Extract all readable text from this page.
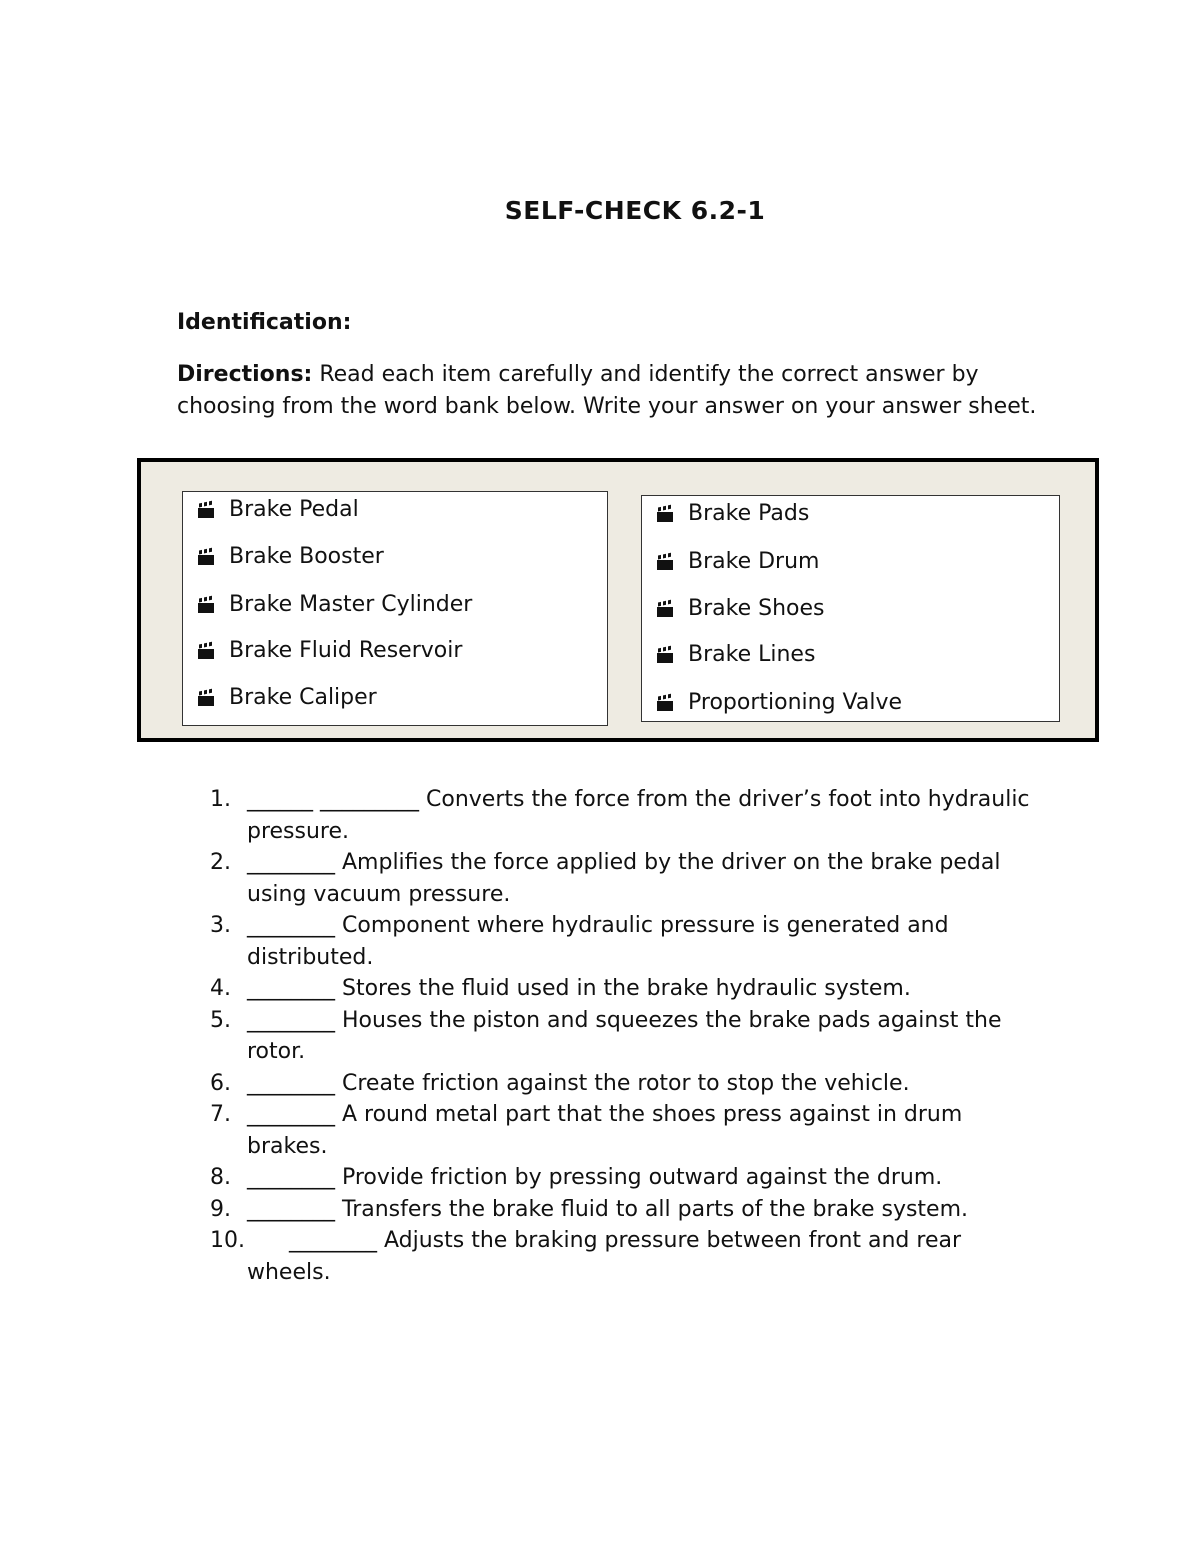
SELF-CHECK 6.2-1
Identification:
Directions: Read each item carefully and identify the correct answer by choosing from the word bank below. Write your answer on your answer sheet.
Brake Pedal
Brake Booster
Brake Master Cylinder
Brake Fluid Reservoir
Brake Caliper
Brake Pads
Brake Drum
Brake Shoes
Brake Lines
Proportioning Valve
1. ______ _________ Converts the force from the driver’s foot into hydraulic pressure.
2. ________ Amplifies the force applied by the driver on the brake pedal using vacuum pressure.
3. ________ Component where hydraulic pressure is generated and distributed.
4. ________ Stores the fluid used in the brake hydraulic system.
5. ________ Houses the piston and squeezes the brake pads against the rotor.
6. ________ Create friction against the rotor to stop the vehicle.
7. ________ A round metal part that the shoes press against in drum brakes.
8. ________ Provide friction by pressing outward against the drum.
9. ________ Transfers the brake fluid to all parts of the brake system.
10. ________ Adjusts the braking pressure between front and rear wheels.
